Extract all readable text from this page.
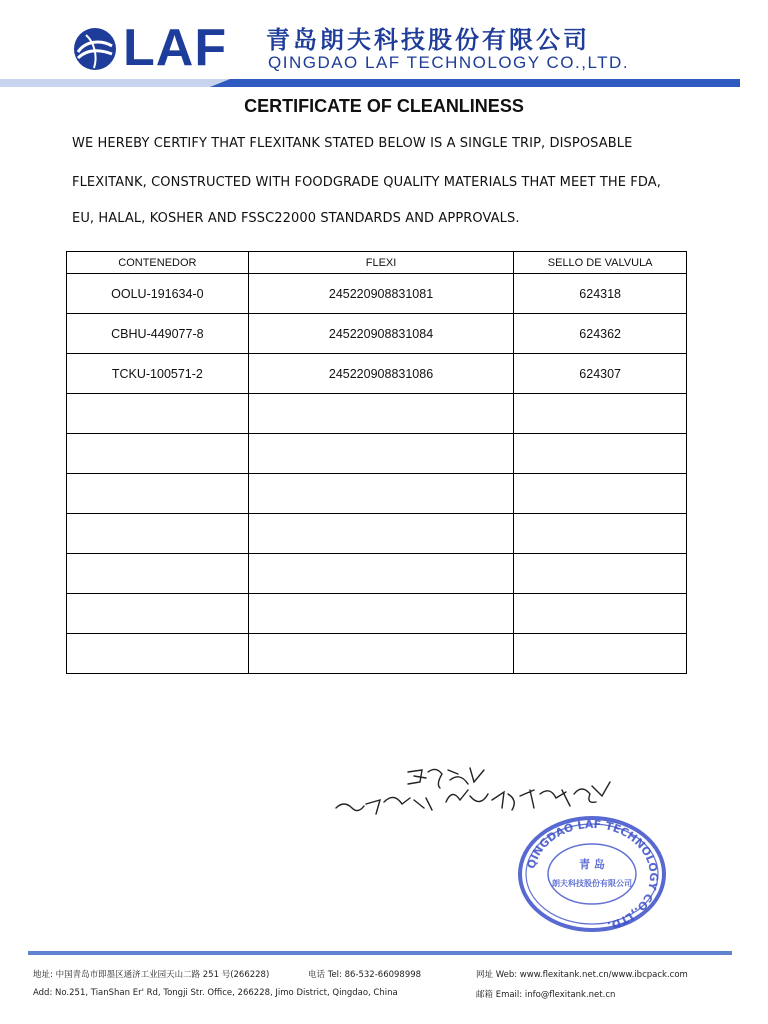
LAF 青岛朗夫科技股份有限公司
QINGDAO LAF TECHNOLOGY CO.,LTD.
CERTIFICATE OF CLEANLINESS
WE HEREBY CERTIFY THAT FLEXITANK STATED BELOW IS A SINGLE TRIP, DISPOSABLE
FLEXITANK, CONSTRUCTED WITH FOODGRADE QUALITY MATERIALS THAT MEET THE FDA,
EU, HALAL, KOSHER AND FSSC22000 STANDARDS AND APPROVALS.
CONTENEDOR	FLEXI	SELLO DE VALVULA
OOLU-191634-0	245220908831081	624318
CBHU-449077-8	245220908831084	624362
TCKU-100571-2	245220908831086	624307

QINGDAO LAF TECHNOLOGY CO.,LTD.
青 岛
朗夫科技股份有限公司
地址: 中国青岛市即墨区通济工业园天山二路 251 号(266228)	电话 Tel: 86-532-66098998	网址 Web: www.flexitank.net.cn/www.ibcpack.com
Add: No.251, TianShan Er' Rd, Tongji Str. Office, 266228, Jimo District, Qingdao, China	邮箱 Email: info@flexitank.net.cn
